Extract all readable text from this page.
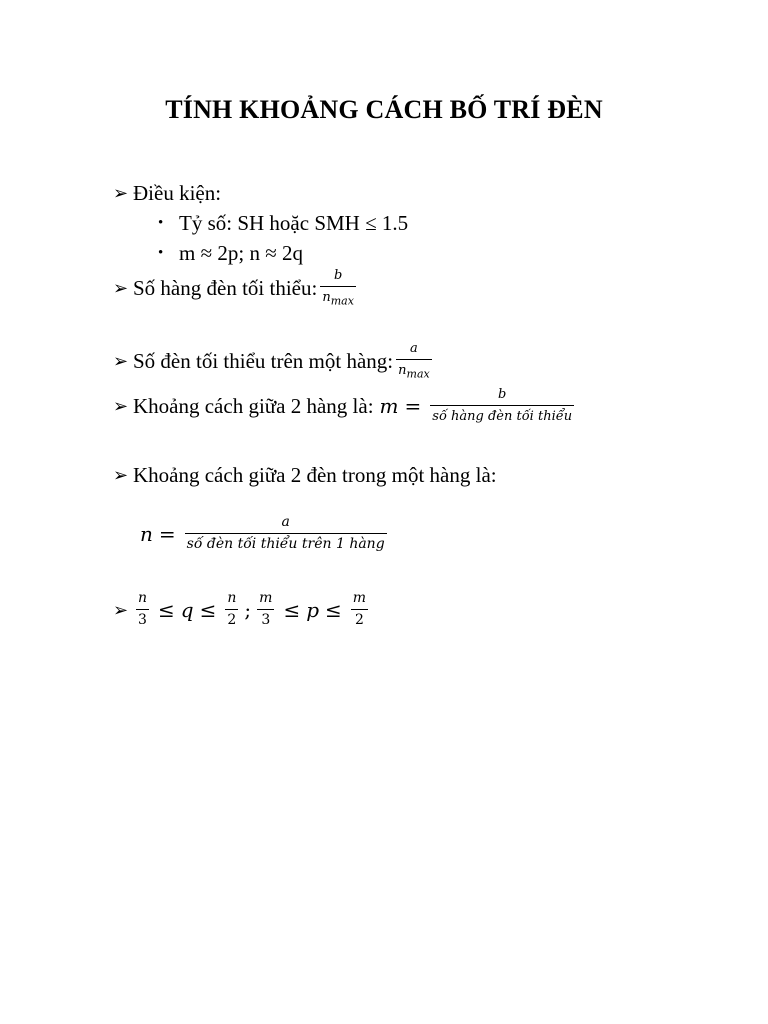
TÍNH KHOẢNG CÁCH BỐ TRÍ ĐÈN
➢ Điều kiện:
• Tỷ số: SH hoặc SMH ≤ 1.5
• m ≈ 2p; n ≈ 2q
➢ Số hàng đèn tối thiểu: $\frac{b}{n_{max}}$
➢ Số đèn tối thiểu trên một hàng: $\frac{a}{n_{max}}$
➢ Khoảng cách giữa 2 hàng là: $m = \frac{b}{\text{số hàng đèn tối thiểu}}$
➢ Khoảng cách giữa 2 đèn trong một hàng là:
$n = \frac{a}{\text{số đèn tối thiểu trên 1 hàng}}$
➢ $\frac{n}{3} \le q \le \frac{n}{2}$ ; $\frac{m}{3} \le p \le \frac{m}{2}$
